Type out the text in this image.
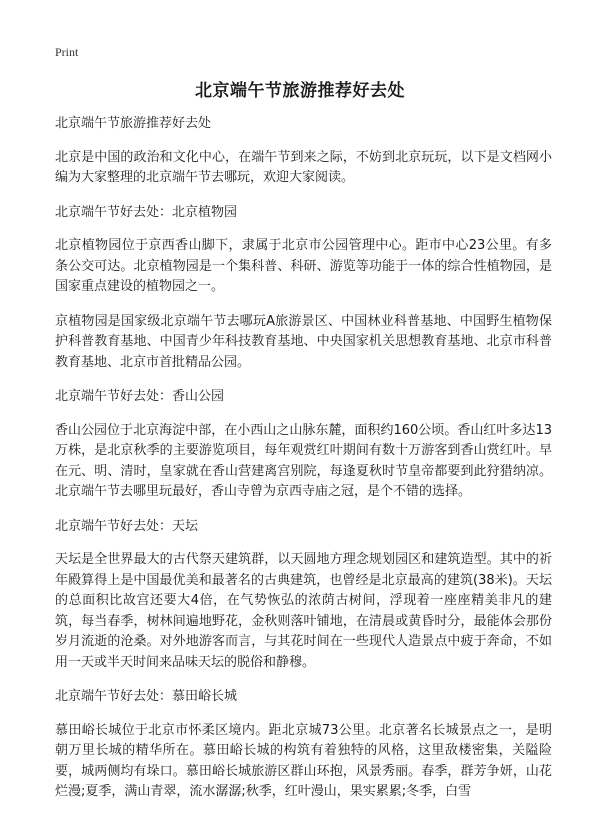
Print
北京端午节旅游推荐好去处

北京端午节旅游推荐好去处

北京是中国的政治和文化中心，在端午节到来之际，不妨到北京玩玩，以下是文档网小编为大家整理的北京端午节去哪玩，欢迎大家阅读。

北京端午节好去处：北京植物园

北京植物园位于京西香山脚下，隶属于北京市公园管理中心。距市中心23公里。有多条公交可达。北京植物园是一个集科普、科研、游览等功能于一体的综合性植物园，是国家重点建设的植物园之一。

京植物园是国家级北京端午节去哪玩A旅游景区、中国林业科普基地、中国野生植物保护科普教育基地、中国青少年科技教育基地、中央国家机关思想教育基地、北京市科普教育基地、北京市首批精品公园。

北京端午节好去处：香山公园

香山公园位于北京海淀中部，在小西山之山脉东麓，面积约160公顷。香山红叶多达13万株，是北京秋季的主要游览项目，每年观赏红叶期间有数十万游客到香山赏红叶。早在元、明、清时，皇家就在香山营建离宫别院，每逢夏秋时节皇帝都要到此狩猎纳凉。北京端午节去哪里玩最好，香山寺曾为京西寺庙之冠，是个不错的选择。

北京端午节好去处：天坛

天坛是全世界最大的古代祭天建筑群，以天圆地方理念规划园区和建筑造型。其中的祈年殿算得上是中国最优美和最著名的古典建筑，也曾经是北京最高的建筑(38米)。天坛的总面积比故宫还要大4倍，在气势恢弘的浓荫古树间，浮现着一座座精美非凡的建筑，每当春季，树林间遍地野花，金秋则落叶铺地，在清晨或黄昏时分，最能体会那份岁月流逝的沧桑。对外地游客而言，与其花时间在一些现代人造景点中疲于奔命，不如用一天或半天时间来品味天坛的脱俗和静穆。

北京端午节好去处：慕田峪长城

慕田峪长城位于北京市怀柔区境内。距北京城73公里。北京著名长城景点之一，是明朝万里长城的精华所在。慕田峪长城的构筑有着独特的风格，这里敌楼密集，关隘险要，城两侧均有垛口。慕田峪长城旅游区群山环抱，风景秀丽。春季，群芳争妍，山花烂漫;夏季，满山青翠，流水潺潺;秋季，红叶漫山，果实累累;冬季，白雪
